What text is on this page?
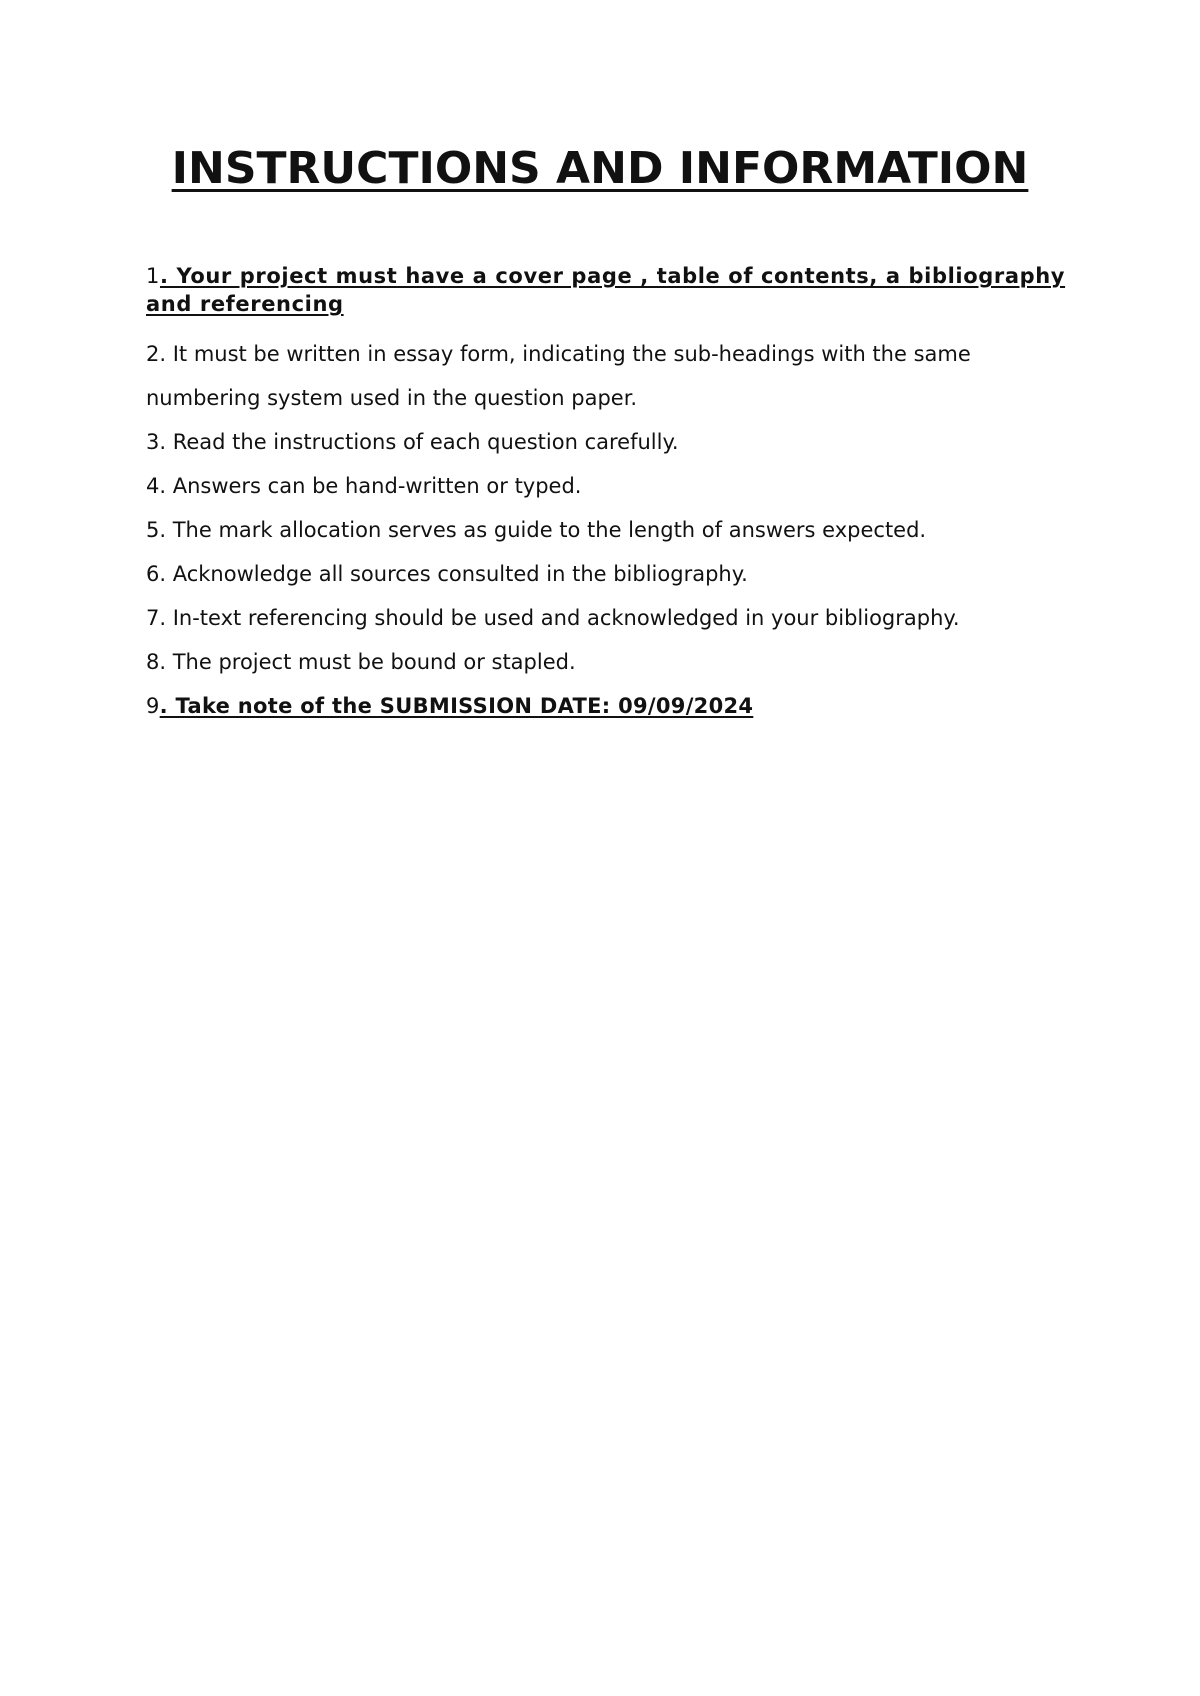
INSTRUCTIONS AND INFORMATION

1. Your project must have a cover page , table of contents, a bibliography and referencing

2. It must be written in essay form, indicating the sub-headings with the same numbering system used in the question paper.

3. Read the instructions of each question carefully.

4. Answers can be hand-written or typed.

5. The mark allocation serves as guide to the length of answers expected.

6. Acknowledge all sources consulted in the bibliography.

7. In-text referencing should be used and acknowledged in your bibliography.

8. The project must be bound or stapled.

9. Take note of the SUBMISSION DATE: 09/09/2024
